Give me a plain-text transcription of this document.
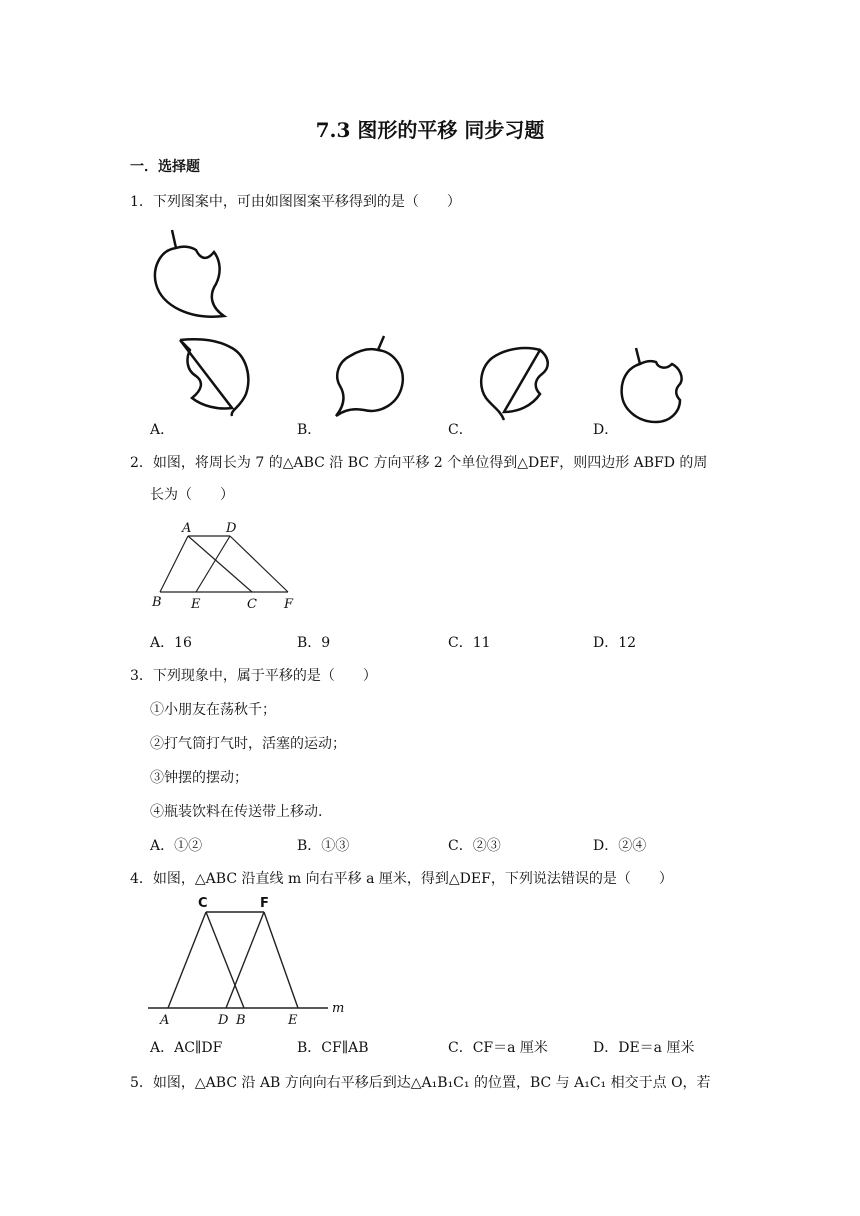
7.3 图形的平移 同步习题
一．选择题
1．下列图案中，可由如图图案平移得到的是（　　）
A．	B．	C．	D．
2．如图，将周长为 7 的△ABC 沿 BC 方向平移 2 个单位得到△DEF，则四边形 ABFD 的周
长为（　　）
A	D
B E	C F
A．16	B．9	C．11	D．12
3．下列现象中，属于平移的是（　　）
①小朋友在荡秋千；
②打气筒打气时，活塞的运动；
③钟摆的摆动；
④瓶装饮料在传送带上移动.
A．①②	B．①③	C．②③	D．②④
4．如图，△ABC 沿直线 m 向右平移 a 厘米，得到△DEF，下列说法错误的是（　　）
C	F
A	D B	E
m
A．AC∥DF	B．CF∥AB	C．CF＝a 厘米	D．DE＝a 厘米
5．如图，△ABC 沿 AB 方向向右平移后到达△A₁B₁C₁ 的位置，BC 与 A₁C₁ 相交于点 O，若
